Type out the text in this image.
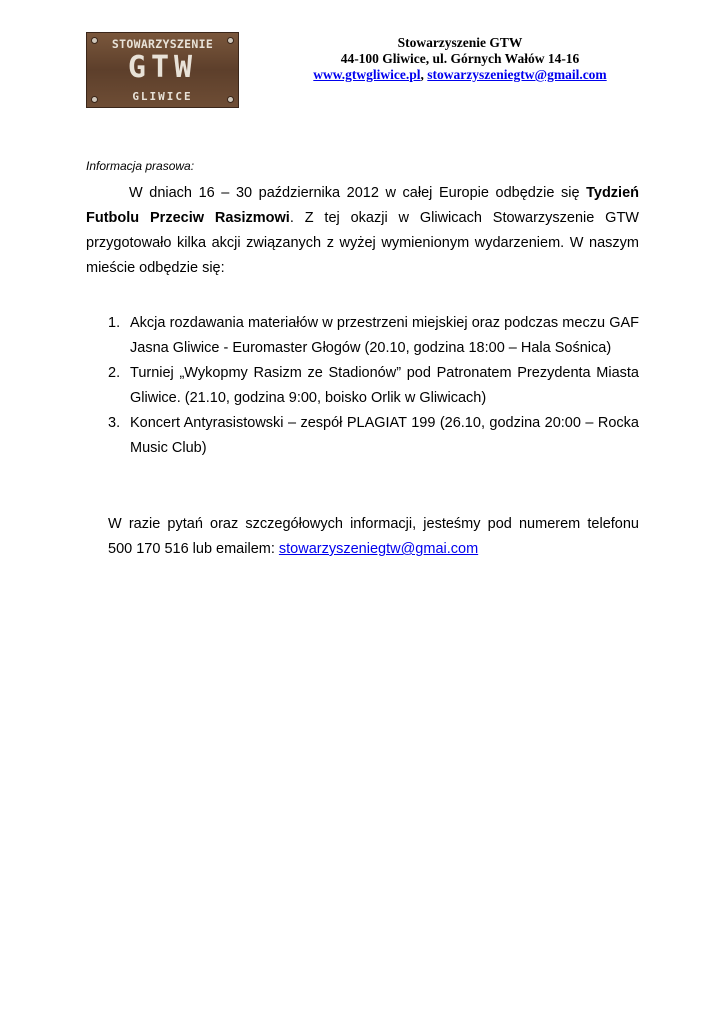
STOWARZYSZENIE
GTW
GLIWICE
Stowarzyszenie GTW
44-100 Gliwice, ul. Górnych Wałów 14-16
www.gtwgliwice.pl, stowarzyszeniegtw@gmail.com
Informacja prasowa:
W dniach 16 – 30 października 2012 w całej Europie odbędzie się Tydzień Futbolu Przeciw Rasizmowi. Z tej okazji w Gliwicach Stowarzyszenie GTW przygotowało kilka akcji związanych z wyżej wymienionym wydarzeniem. W naszym mieście odbędzie się:
1. Akcja rozdawania materiałów w przestrzeni miejskiej oraz podczas meczu GAF Jasna Gliwice - Euromaster Głogów (20.10, godzina 18:00 – Hala Sośnica)
2. Turniej „Wykopmy Rasizm ze Stadionów” pod Patronatem Prezydenta Miasta Gliwice. (21.10, godzina 9:00, boisko Orlik w Gliwicach)
3. Koncert Antyrasistowski – zespół PLAGIAT 199 (26.10, godzina 20:00 – Rocka Music Club)
W razie pytań oraz szczegółowych informacji, jesteśmy pod numerem telefonu 500 170 516 lub emailem: stowarzyszeniegtw@gmai.com
